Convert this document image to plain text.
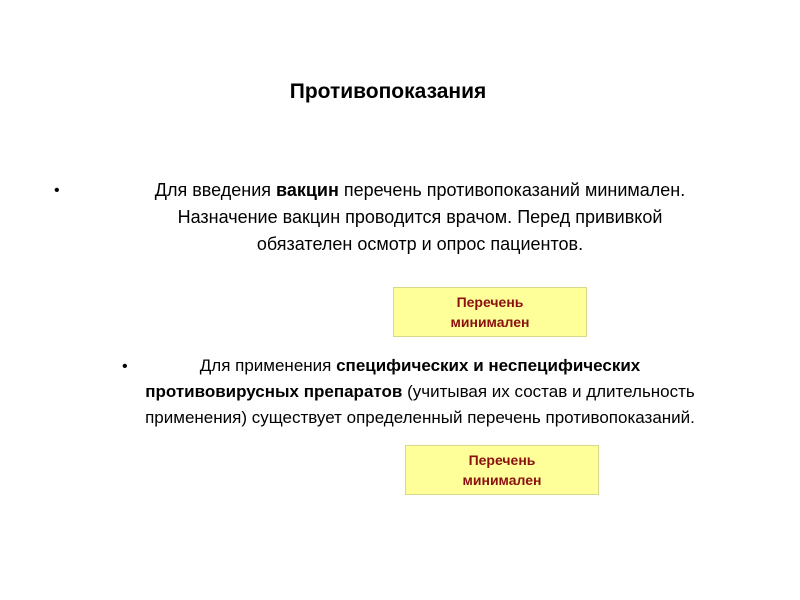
Противопоказания
•	Для введения вакцин перечень противопоказаний минимален.
Назначение вакцин проводится врачом. Перед прививкой
обязателен осмотр и опрос пациентов.
Перечень
минимален
•	Для применения специфических и неспецифических
противовирусных препаратов (учитывая их состав и длительность
применения) существует определенный перечень противопоказаний.
Перечень
минимален
